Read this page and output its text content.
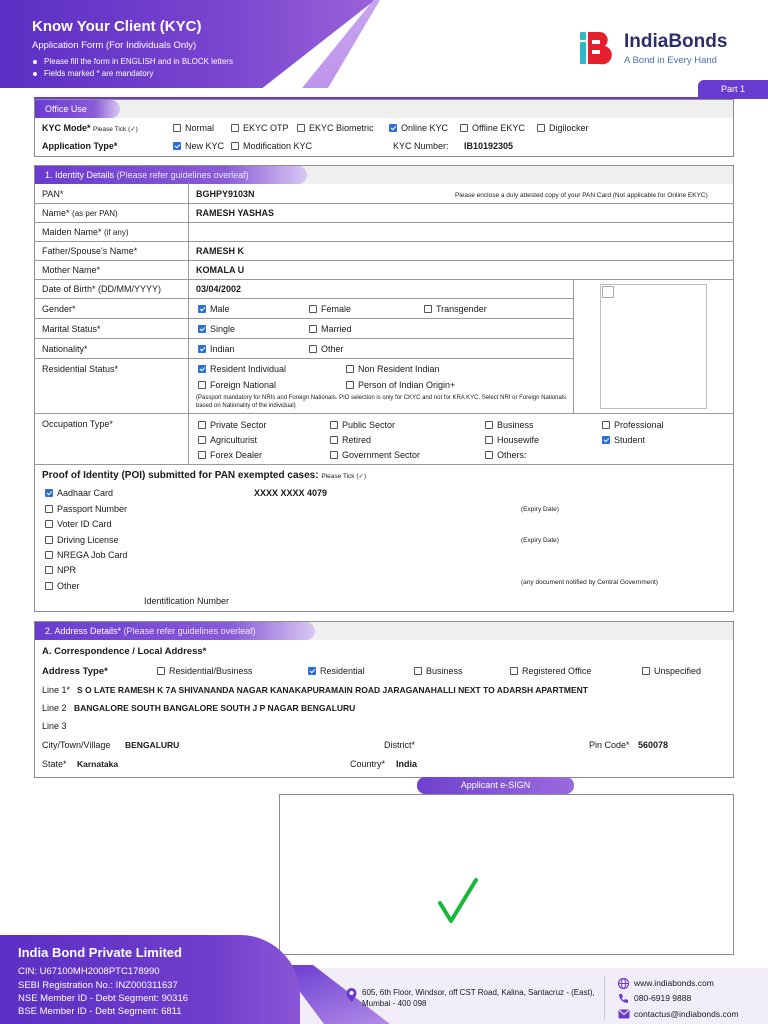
Know Your Client (KYC)
Application Form (For Individuals Only)
Please fill the form in ENGLISH and in BLOCK letters
Fields marked * are mandatory
IndiaBonds
A Bond in Every Hand
Part 1
Office Use
KYC Mode* Please Tick (✓)	Normal	EKYC OTP	EKYC Biometric	Online KYC	Offline EKYC	Digilocker
Application Type*	New KYC	Modification KYC	KYC Number: IB10192305
1. Identity Details (Please refer guidelines overleaf)
PAN*	BGHPY9103N	Please enclose a duly attested copy of your PAN Card (Not applicable for Online EKYC)
Name* (as per PAN)	RAMESH YASHAS
Maiden Name* (if any)
Father/Spouse's Name*	RAMESH K
Mother Name*	KOMALA U
Date of Birth* (DD/MM/YYYY)	03/04/2002
Gender*	Male	Female	Transgender
Marital Status*	Single	Married
Nationality*	Indian	Other
Residential Status*	Resident Individual	Non Resident Indian
Foreign National	Person of Indian Origin+
(Passport mandatory for NRIs and Foreign Nationals. PIO selection is only for CKYC and not for KRA KYC. Select NRI or Foreign Nationals based on Nationality of the individual)
Occupation Type*	Private Sector	Public Sector	Business	Professional
Agriculturist	Retired	Housewife	Student
Forex Dealer	Government Sector	Others:
Proof of Identity (POI) submitted for PAN exempted cases: Please Tick (✓)
Aadhaar Card	XXXX XXXX 4079
Passport Number	(Expiry Date)
Voter ID Card
Driving License	(Expiry Date)
NREGA Job Card
NPR
Other	(any document notified by Central Government)
Identification Number
2. Address Details* (Please refer guidelines overleaf)
A. Correspondence / Local Address*
Address Type*	Residential/Business	Residential	Business	Registered Office	Unspecified
Line 1* S O LATE RAMESH K 7A SHIVANANDA NAGAR KANAKAPURAMAIN ROAD JARAGANAHALLI NEXT TO ADARSH APARTMENT
Line 2 BANGALORE SOUTH BANGALORE SOUTH J P NAGAR BENGALURU
Line 3
City/Town/Village BENGALURU	District*	Pin Code* 560078
State* Karnataka	Country* India
Applicant e-SIGN
India Bond Private Limited
CIN: U67100MH2008PTC178990
SEBI Registration No.: INZ000311637
NSE Member ID - Debt Segment: 90316
BSE Member ID - Debt Segment: 6811
605, 6th Floor, Windsor, off CST Road, Kalina, Santacruz - (East), Mumbai - 400 098
www.indiabonds.com
080-6919 9888
contactus@indiabonds.com
